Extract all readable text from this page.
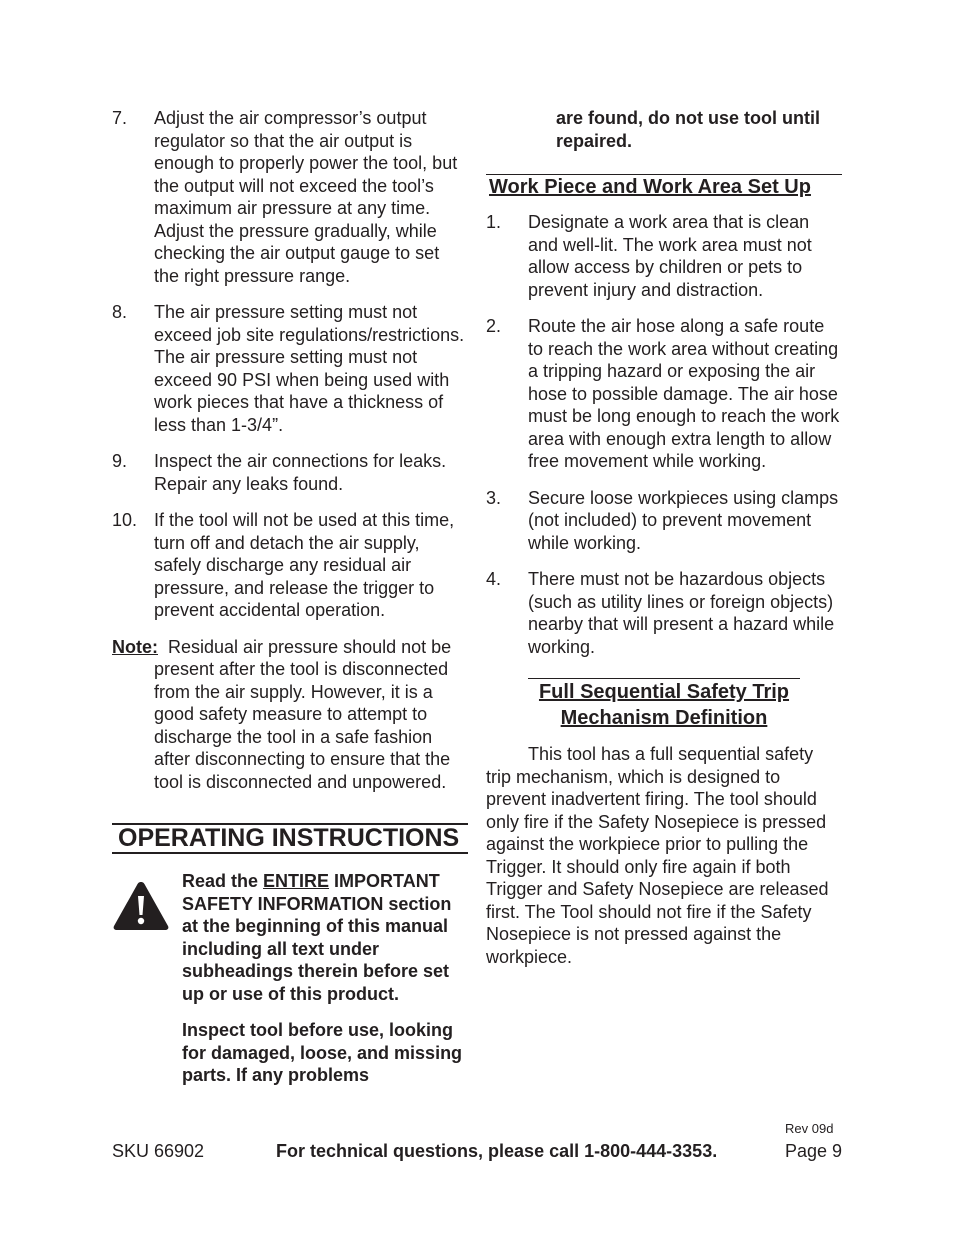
7.	Adjust the air compressor’s output regulator so that the air output is enough to properly power the tool, but the output will not exceed the tool’s maximum air pressure at any time. Adjust the pressure gradually, while checking the air output gauge to set the right pressure range.
8.	The air pressure setting must not exceed job site regulations/restrictions. The air pressure setting must not exceed 90 PSI when being used with work pieces that have a thickness of less than 1-3/4”.
9.	Inspect the air connections for leaks. Repair any leaks found.
10. If the tool will not be used at this time, turn off and detach the air supply, safely discharge any residual air pressure, and release the trigger to prevent accidental operation.
Note: Residual air pressure should not be present after the tool is disconnected from the air supply. However, it is a good safety measure to attempt to discharge the tool in a safe fashion after disconnecting to ensure that the tool is disconnected and unpowered.
OPERATING INSTRUCTIONS

Read the ENTIRE IMPORTANT SAFETY INFORMATION section at the beginning of this manual including all text under subheadings therein before set up or use of this product.

Inspect tool before use, looking for damaged, loose, and missing parts. If any problems

are found, do not use tool until repaired.

Work Piece and Work Area Set Up
1.	Designate a work area that is clean and well-lit. The work area must not allow access by children or pets to prevent injury and distraction.
2.	Route the air hose along a safe route to reach the work area without creating a tripping hazard or exposing the air hose to possible damage. The air hose must be long enough to reach the work area with enough extra length to allow free movement while working.
3.	Secure loose workpieces using clamps (not included) to prevent movement while working.
4.	There must not be hazardous objects (such as utility lines or foreign objects) nearby that will present a hazard while working.
Full Sequential Safety Trip
Mechanism Definition

This tool has a full sequential safety trip mechanism, which is designed to prevent inadvertent firing. The tool should only fire if the Safety Nosepiece is pressed against the workpiece prior to pulling the Trigger. It should only fire again if both Trigger and Safety Nosepiece are released first. The Tool should not fire if the Safety Nosepiece is not pressed against the workpiece.

Rev 09d
SKU 66902	For technical questions, please call 1-800-444-3353.	Page 9
